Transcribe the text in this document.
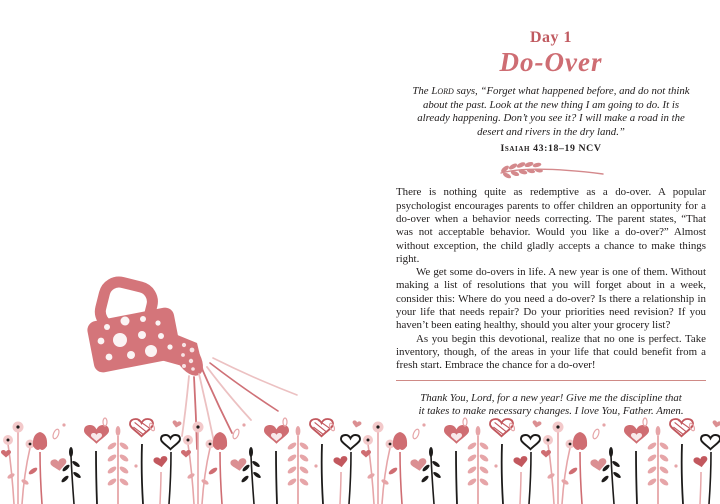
Day 1
Do-Over
The Lord says, “Forget what happened before, and do not think about the past. Look at the new thing I am going to do. It is already happening. Don’t you see it? I will make a road in the desert and rivers in the dry land.”
Isaiah 43:18–19 NCV

There is nothing quite as redemptive as a do-over. A popular psychologist encourages parents to offer children an opportunity for a do-over when a behavior needs correcting. The parent states, “That was not acceptable behavior. Would you like a do-over?” Almost without exception, the child gladly accepts a chance to make things right.

We get some do-overs in life. A new year is one of them. Without making a list of resolutions that you will forget about in a week, consider this: Where do you need a do-over? Is there a relationship in your life that needs repair? Do your priorities need revision? If you haven’t been eating healthy, should you alter your grocery list?

As you begin this devotional, realize that no one is perfect. Take inventory, though, of the areas in your life that could benefit from a fresh start. Embrace the chance for a do-over!

Thank You, Lord, for a new year! Give me the discipline that it takes to make necessary changes. I love You, Father. Amen.
